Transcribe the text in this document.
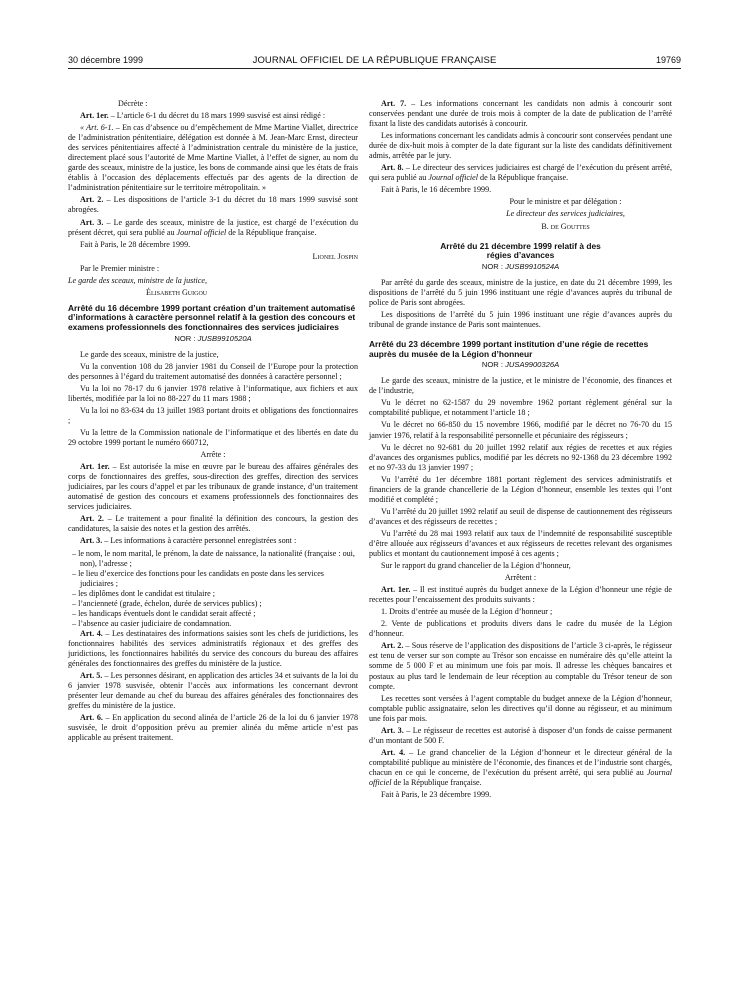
30 décembre 1999	JOURNAL OFFICIEL DE LA RÉPUBLIQUE FRANÇAISE	19769

Décrète :

Art. 1er. – L’article 6-1 du décret du 18 mars 1999 susvisé est ainsi rédigé :

« Art. 6-1. – En cas d’absence ou d’empêchement de Mme Martine Viallet, directrice de l’administration pénitentiaire, délégation est donnée à M. Jean-Marc Ernst, directeur des services pénitentiaires affecté à l’administration centrale du ministère de la justice, directement placé sous l’autorité de Mme Martine Viallet, à l’effet de signer, au nom du garde des sceaux, ministre de la justice, les bons de commande ainsi que les états de frais établis à l’occasion des déplacements effectués par des agents de la direction de l’administration pénitentiaire sur le territoire métropolitain. »

Art. 2. – Les dispositions de l’article 3-1 du décret du 18 mars 1999 susvisé sont abrogées.

Art. 3. – Le garde des sceaux, ministre de la justice, est chargé de l’exécution du présent décret, qui sera publié au Journal officiel de la République française.

Fait à Paris, le 28 décembre 1999.

Lionel Jospin

Par le Premier ministre :

Le garde des sceaux, ministre de la justice,

Élisabeth Guigou

Arrêté du 16 décembre 1999 portant création d’un traitement automatisé d’informations à caractère personnel relatif à la gestion des concours et examens professionnels des fonctionnaires des services judiciaires
NOR : JUSB9910520A

Le garde des sceaux, ministre de la justice,

Vu la convention 108 du 28 janvier 1981 du Conseil de l’Europe pour la protection des personnes à l’égard du traitement automatisé des données à caractère personnel ;

Vu la loi no 78-17 du 6 janvier 1978 relative à l’informatique, aux fichiers et aux libertés, modifiée par la loi no 88-227 du 11 mars 1988 ;

Vu la loi no 83-634 du 13 juillet 1983 portant droits et obligations des fonctionnaires ;

Vu la lettre de la Commission nationale de l’informatique et des libertés en date du 29 octobre 1999 portant le numéro 660712,

Arrête :

Art. 1er. – Est autorisée la mise en œuvre par le bureau des affaires générales des corps de fonctionnaires des greffes, sous-direction des greffes, direction des services judiciaires, par les cours d’appel et par les tribunaux de grande instance, d’un traitement automatisé de gestion des concours et examens professionnels des fonctionnaires des services judiciaires.

Art. 2. – Le traitement a pour finalité la définition des concours, la gestion des candidatures, la saisie des notes et la gestion des arrêtés.

Art. 3. – Les informations à caractère personnel enregistrées sont :

– le nom, le nom marital, le prénom, la date de naissance, la nationalité (française : oui, non), l’adresse ;

– le lieu d’exercice des fonctions pour les candidats en poste dans les services judiciaires ;

– les diplômes dont le candidat est titulaire ;

– l’ancienneté (grade, échelon, durée de services publics) ;

– les handicaps éventuels dont le candidat serait affecté ;

– l’absence au casier judiciaire de condamnation.

Art. 4. – Les destinataires des informations saisies sont les chefs de juridictions, les fonctionnaires habilités des services administratifs régionaux et des greffes des juridictions, les fonctionnaires habilités du service des concours du bureau des affaires générales des fonctionnaires des greffes du ministère de la justice.

Art. 5. – Les personnes désirant, en application des articles 34 et suivants de la loi du 6 janvier 1978 susvisée, obtenir l’accès aux informations les concernant devront présenter leur demande au chef du bureau des affaires générales des fonctionnaires des greffes du ministère de la justice.

Art. 6. – En application du second alinéa de l’article 26 de la loi du 6 janvier 1978 susvisée, le droit d’opposition prévu au premier alinéa du même article n’est pas applicable au présent traitement.

Art. 7. – Les informations concernant les candidats non admis à concourir sont conservées pendant une durée de trois mois à compter de la date de publication de l’arrêté fixant la liste des candidats autorisés à concourir.

Les informations concernant les candidats admis à concourir sont conservées pendant une durée de dix-huit mois à compter de la date figurant sur la liste des candidats définitivement admis, arrêtée par le jury.

Art. 8. – Le directeur des services judiciaires est chargé de l’exécution du présent arrêté, qui sera publié au Journal officiel de la République française.

Fait à Paris, le 16 décembre 1999.

Pour le ministre et par délégation :

Le directeur des services judiciaires,

B. de Gouttes

Arrêté du 21 décembre 1999 relatif à des régies d’avances
NOR : JUSB9910524A

Par arrêté du garde des sceaux, ministre de la justice, en date du 21 décembre 1999, les dispositions de l’arrêté du 5 juin 1996 instituant une régie d’avances auprès du tribunal de police de Paris sont abrogées.

Les dispositions de l’arrêté du 5 juin 1996 instituant une régie d’avances auprès du tribunal de grande instance de Paris sont maintenues.

Arrêté du 23 décembre 1999 portant institution d’une régie de recettes auprès du musée de la Légion d’honneur
NOR : JUSA9900326A

Le garde des sceaux, ministre de la justice, et le ministre de l’économie, des finances et de l’industrie,

Vu le décret no 62-1587 du 29 novembre 1962 portant règlement général sur la comptabilité publique, et notamment l’article 18 ;

Vu le décret no 66-850 du 15 novembre 1966, modifié par le décret no 76-70 du 15 janvier 1976, relatif à la responsabilité personnelle et pécuniaire des régisseurs ;

Vu le décret no 92-681 du 20 juillet 1992 relatif aux régies de recettes et aux régies d’avances des organismes publics, modifié par les décrets no 92-1368 du 23 décembre 1992 et no 97-33 du 13 janvier 1997 ;

Vu l’arrêté du 1er décembre 1881 portant règlement des services administratifs et financiers de la grande chancellerie de la Légion d’honneur, ensemble les textes qui l’ont modifié et complété ;

Vu l’arrêté du 20 juillet 1992 relatif au seuil de dispense de cautionnement des régisseurs d’avances et des régisseurs de recettes ;

Vu l’arrêté du 28 mai 1993 relatif aux taux de l’indemnité de responsabilité susceptible d’être allouée aux régisseurs d’avances et aux régisseurs de recettes relevant des organismes publics et montant du cautionnement imposé à ces agents ;

Sur le rapport du grand chancelier de la Légion d’honneur,

Arrêtent :

Art. 1er. – Il est institué auprès du budget annexe de la Légion d’honneur une régie de recettes pour l’encaissement des produits suivants :

1. Droits d’entrée au musée de la Légion d’honneur ;

2. Vente de publications et produits divers dans le cadre du musée de la Légion d’honneur.

Art. 2. – Sous réserve de l’application des dispositions de l’article 3 ci-après, le régisseur est tenu de verser sur son compte au Trésor son encaisse en numéraire dès qu’elle atteint la somme de 5 000 F et au minimum une fois par mois. Il adresse les chèques bancaires et postaux au plus tard le lendemain de leur réception au comptable du Trésor teneur de son compte.

Les recettes sont versées à l’agent comptable du budget annexe de la Légion d’honneur, comptable public assignataire, selon les directives qu’il donne au régisseur, et au minimum une fois par mois.

Art. 3. – Le régisseur de recettes est autorisé à disposer d’un fonds de caisse permanent d’un montant de 500 F.

Art. 4. – Le grand chancelier de la Légion d’honneur et le directeur général de la comptabilité publique au ministère de l’économie, des finances et de l’industrie sont chargés, chacun en ce qui le concerne, de l’exécution du présent arrêté, qui sera publié au Journal officiel de la République française.

Fait à Paris, le 23 décembre 1999.
